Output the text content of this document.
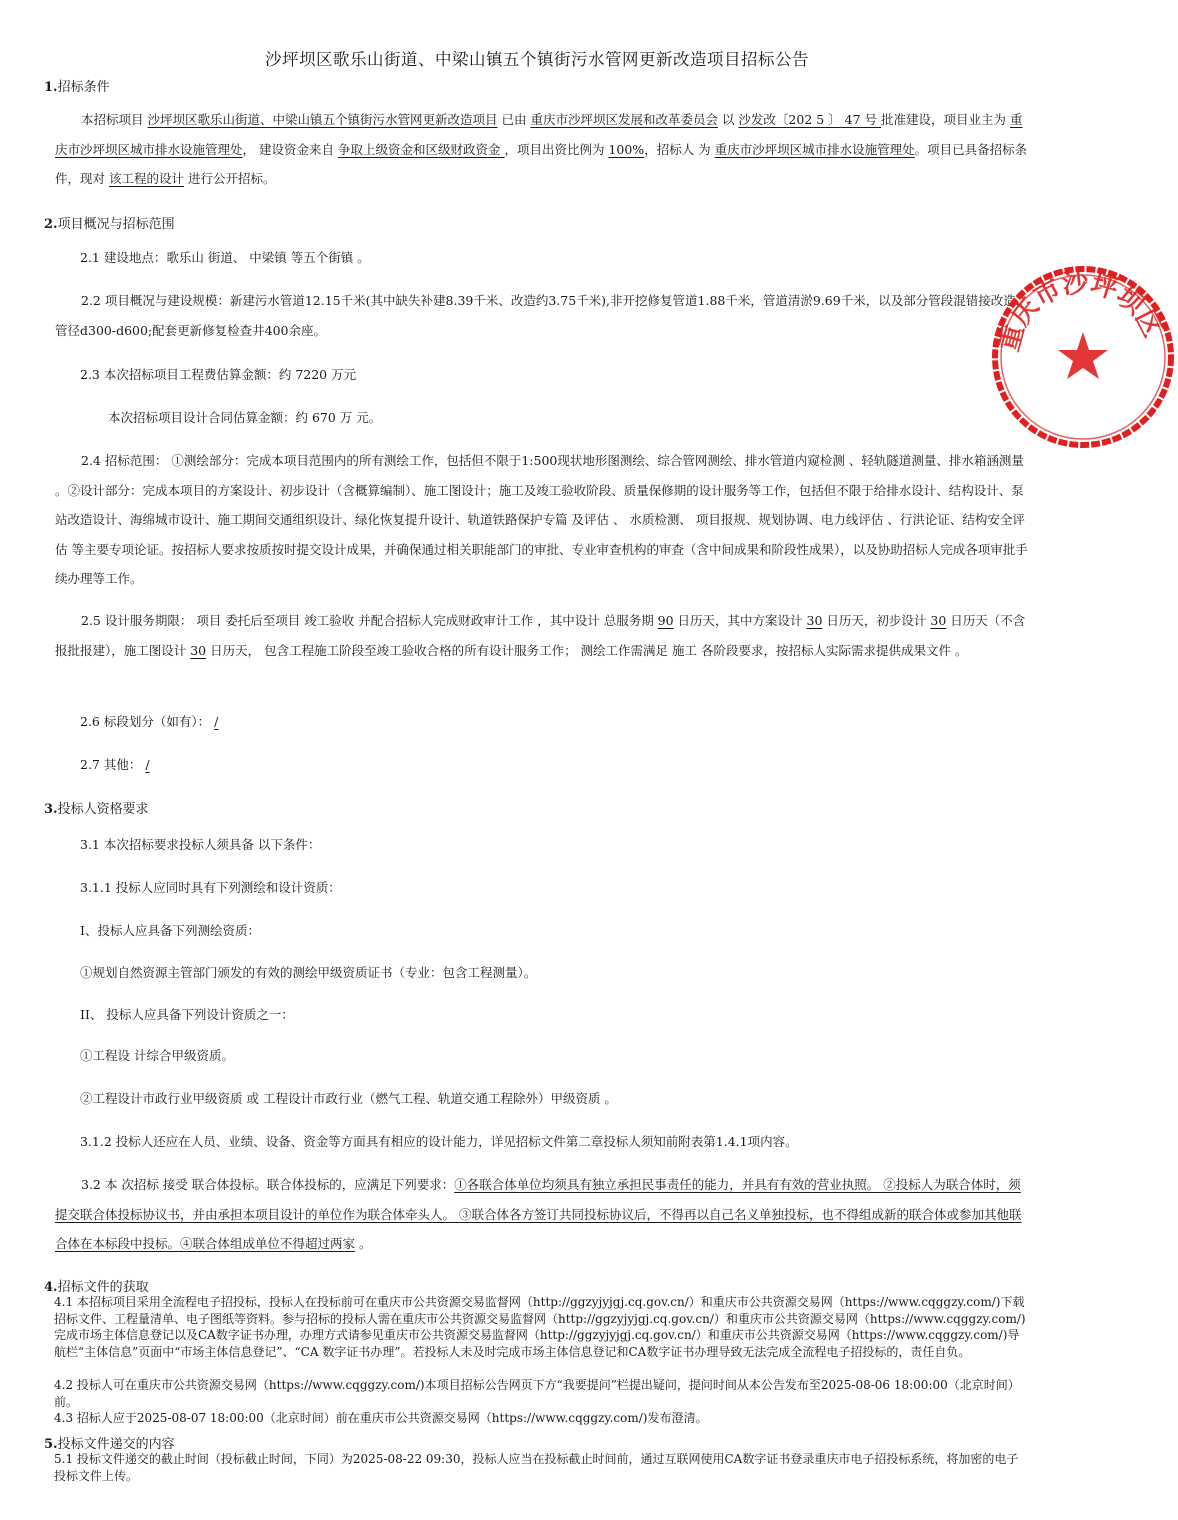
沙坪坝区歌乐山街道、中梁山镇五个镇街污水管网更新改造项目招标公告
1.招标条件

本招标项目 沙坪坝区歌乐山街道、中梁山镇五个镇街污水管网更新改造项目 已由 重庆市沙坪坝区发展和改革委员会 以 沙发改〔202 5 〕 47 号 批准建设，项目业主为 重庆市沙坪坝区城市排水设施管理处， 建设资金来自 争取上级资金和区级财政资金 ，项目出资比例为 100%，招标人 为 重庆市沙坪坝区城市排水设施管理处。项目已具备招标条件，现对 该工程的设计 进行公开招标。

2.项目概况与招标范围

2.1 建设地点：歌乐山 街道、 中梁镇 等五个街镇 。

2.2 项目概况与建设规模：新建污水管道12.15千米(其中缺失补建8.39千米、改造约3.75千米),非开挖修复管道1.88千米，管道清淤9.69千米，以及部分管段混错接改造，管径d300-d600;配套更新修复检查井400余座。

2.3 本次招标项目工程费估算金额：约 7220 万元

本次招标项目设计合同估算金额：约 670 万 元。

2.4 招标范围： ①测绘部分：完成本项目范围内的所有测绘工作，包括但不限于1:500现状地形图测绘、综合管网测绘、排水管道内窥检测 、轻轨隧道测量、排水箱涵测量 。②设计部分：完成本项目的方案设计、初步设计（含概算编制）、施工图设计；施工及竣工验收阶段、质量保修期的设计服务等工作，包括但不限于给排水设计、结构设计、泵站改造设计、海绵城市设计、施工期间交通组织设计、绿化恢复提升设计、轨道铁路保护专篇 及评估 、 水质检测、 项目报规、规划协调、电力线评估 、行洪论证、结构安全评估 等主要专项论证。按招标人要求按质按时提交设计成果，并确保通过相关职能部门的审批、专业审查机构的审查（含中间成果和阶段性成果），以及协助招标人完成各项审批手续办理等工作。

2.5 设计服务期限： 项目 委托后至项目 竣工验收 并配合招标人完成财政审计工作 ，其中设计 总服务期 90 日历天，其中方案设计 30 日历天，初步设计 30 日历天（不含报批报建），施工图设计 30 日历天， 包含工程施工阶段至竣工验收合格的所有设计服务工作； 测绘工作需满足 施工 各阶段要求，按招标人实际需求提供成果文件 。

2.6 标段划分（如有）： /

2.7 其他： /

3.投标人资格要求

3.1 本次招标要求投标人须具备 以下条件：

3.1.1 投标人应同时具有下列测绘和设计资质：

I、投标人应具备下列测绘资质：

①规划自然资源主管部门颁发的有效的测绘甲级资质证书（专业：包含工程测量）。

II、 投标人应具备下列设计资质之一：

①工程设 计综合甲级资质。

②工程设计市政行业甲级资质 或 工程设计市政行业（燃气工程、轨道交通工程除外）甲级资质 。

3.1.2 投标人还应在人员、业绩、设备、资金等方面具有相应的设计能力，详见招标文件第二章投标人须知前附表第1.4.1项内容。

3.2 本 次招标 接受 联合体投标。联合体投标的，应满足下列要求：①各联合体单位均须具有独立承担民事责任的能力，并具有有效的营业执照。 ②投标人为联合体时，须提交联合体投标协议书，并由承担本项目设计的单位作为联合体牵头人。 ③联合体各方签订共同投标协议后，不得再以自己名义单独投标，也不得组成新的联合体或参加其他联合体在本标段中投标。④联合体组成单位不得超过两家 。

4.招标文件的获取

4.1 本招标项目采用全流程电子招投标，投标人在投标前可在重庆市公共资源交易监督网（http://ggzyjyjgj.cq.gov.cn/）和重庆市公共资源交易网（https://www.cqggzy.com/)下载招标文件、工程量清单、电子图纸等资料。参与招标的投标人需在重庆市公共资源交易监督网（http://ggzyjyjgj.cq.gov.cn/）和重庆市公共资源交易网（https://www.cqggzy.com/)完成市场主体信息登记以及CA数字证书办理，办理方式请参见重庆市公共资源交易监督网（http://ggzyjyjgj.cq.gov.cn/）和重庆市公共资源交易网（https://www.cqggzy.com/)导航栏“主体信息”页面中“市场主体信息登记”、“CA 数字证书办理”。若投标人未及时完成市场主体信息登记和CA数字证书办理导致无法完成全流程电子招投标的，责任自负。

4.2 投标人可在重庆市公共资源交易网（https://www.cqggzy.com/)本项目招标公告网页下方“我要提问”栏提出疑问，提问时间从本公告发布至2025-08-06 18:00:00（北京时间）前。

4.3 招标人应于2025-08-07 18:00:00（北京时间）前在重庆市公共资源交易网（https://www.cqggzy.com/)发布澄清。

5.投标文件递交的内容

5.1 投标文件递交的截止时间（投标截止时间，下同）为2025-08-22 09:30，投标人应当在投标截止时间前，通过互联网使用CA数字证书登录重庆市电子招投标系统，将加密的电子投标文件上传。

重庆市沙坪坝区
